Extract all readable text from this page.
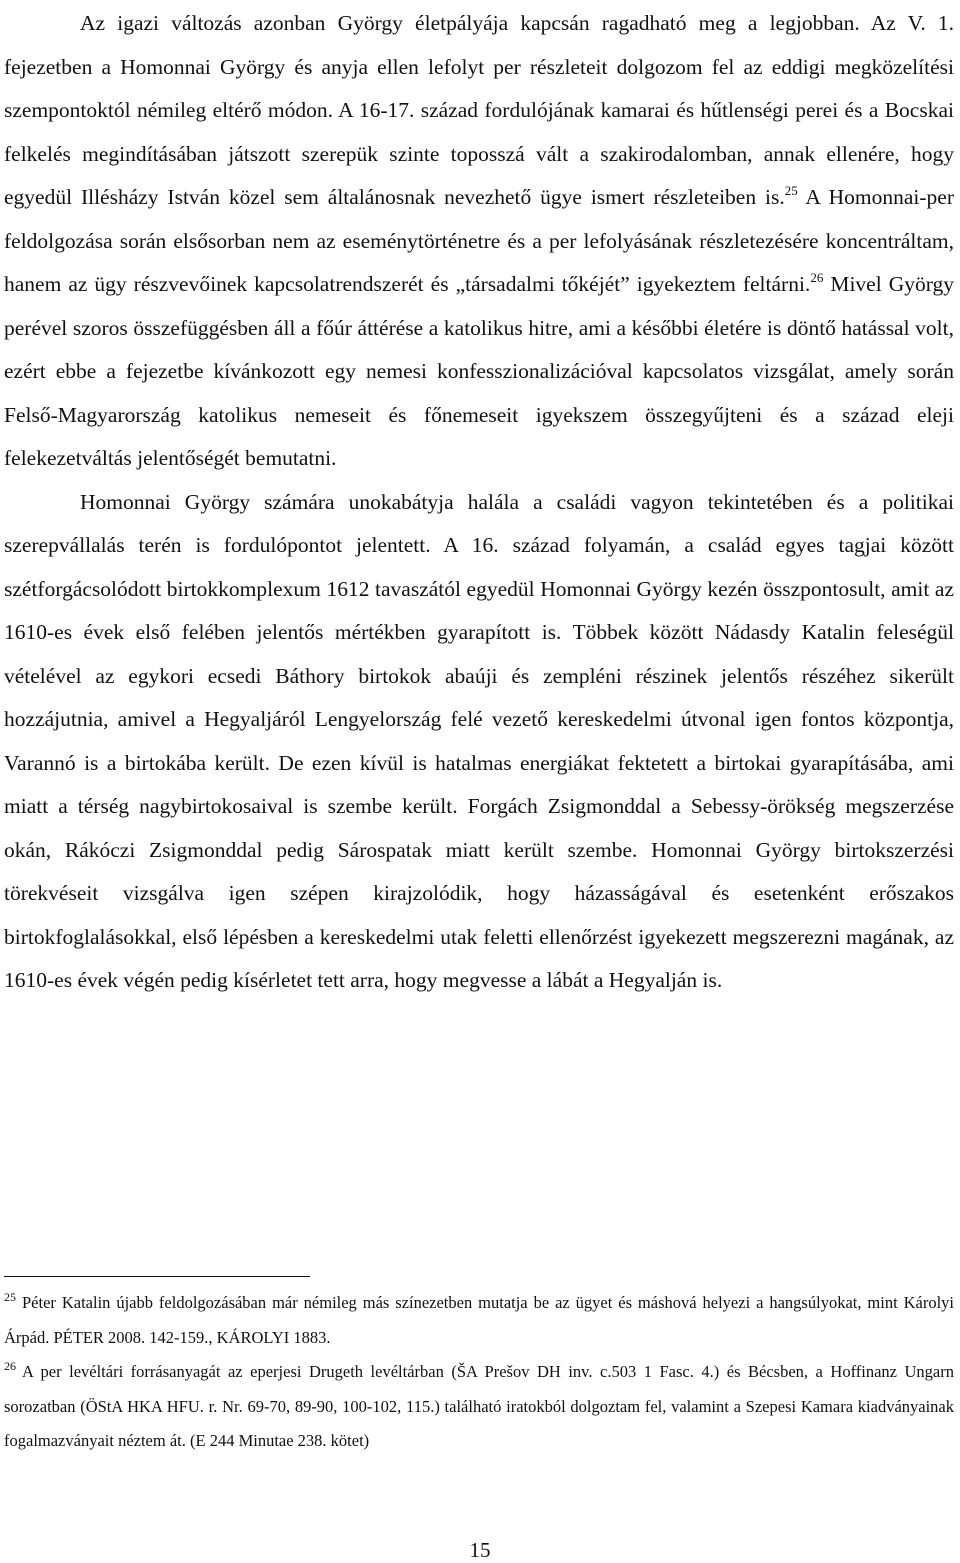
Az igazi változás azonban György életpályája kapcsán ragadható meg a legjobban. Az V. 1. fejezetben a Homonnai György és anyja ellen lefolyt per részleteit dolgozom fel az eddigi megközelítési szempontoktól némileg eltérő módon. A 16-17. század fordulójának kamarai és hűtlenségi perei és a Bocskai felkelés megindításában játszott szerepük szinte toposszá vált a szakirodalomban, annak ellenére, hogy egyedül Illésházy István közel sem általánosnak nevezhető ügye ismert részleteiben is.$^{25}$ A Homonnai-per feldolgozása során elsősorban nem az eseménytörténetre és a per lefolyásának részletezésére koncentráltam, hanem az ügy részvevőinek kapcsolatrendszerét és „társadalmi tőkéjét” igyekeztem feltárni.$^{26}$ Mivel György perével szoros összefüggésben áll a főúr áttérése a katolikus hitre, ami a későbbi életére is döntő hatással volt, ezért ebbe a fejezetbe kívánkozott egy nemesi konfesszionalizációval kapcsolatos vizsgálat, amely során Felső-Magyarország katolikus nemeseit és főnemeseit igyekszem összegyűjteni és a század eleji felekezetváltás jelentőségét bemutatni.

Homonnai György számára unokabátyja halála a családi vagyon tekintetében és a politikai szerepvállalás terén is fordulópontot jelentett. A 16. század folyamán, a család egyes tagjai között szétforgácsolódott birtokkomplexum 1612 tavaszától egyedül Homonnai György kezén összpontosult, amit az 1610-es évek első felében jelentős mértékben gyarapított is. Többek között Nádasdy Katalin feleségül vételével az egykori ecsedi Báthory birtokok abaúji és zempléni részinek jelentős részéhez sikerült hozzájutnia, amivel a Hegyaljáról Lengyelország felé vezető kereskedelmi útvonal igen fontos központja, Varannó is a birtokába került. De ezen kívül is hatalmas energiákat fektetett a birtokai gyarapításába, ami miatt a térség nagybirtokosaival is szembe került. Forgách Zsigmonddal a Sebessy-örökség megszerzése okán, Rákóczi Zsigmonddal pedig Sárospatak miatt került szembe. Homonnai György birtokszerzési törekvéseit vizsgálva igen szépen kirajzolódik, hogy házasságával és esetenként erőszakos birtokfoglalásokkal, első lépésben a kereskedelmi utak feletti ellenőrzést igyekezett megszerezni magának, az 1610-es évek végén pedig kísérletet tett arra, hogy megvesse a lábát a Hegyalján is.

$^{25}$ Péter Katalin újabb feldolgozásában már némileg más színezetben mutatja be az ügyet és máshová helyezi a hangsúlyokat, mint Károlyi Árpád. PÉTER 2008. 142-159., KÁROLYI 1883.

$^{26}$ A per levéltári forrásanyagát az eperjesi Drugeth levéltárban (ŠA Prešov DH inv. c.503 1 Fasc. 4.) és Bécsben, a Hoffinanz Ungarn sorozatban (ÖStA HKA HFU. r. Nr. 69-70, 89-90, 100-102, 115.) található iratokból dolgoztam fel, valamint a Szepesi Kamara kiadványainak fogalmazványait néztem át. (E 244 Minutae 238. kötet)

15
